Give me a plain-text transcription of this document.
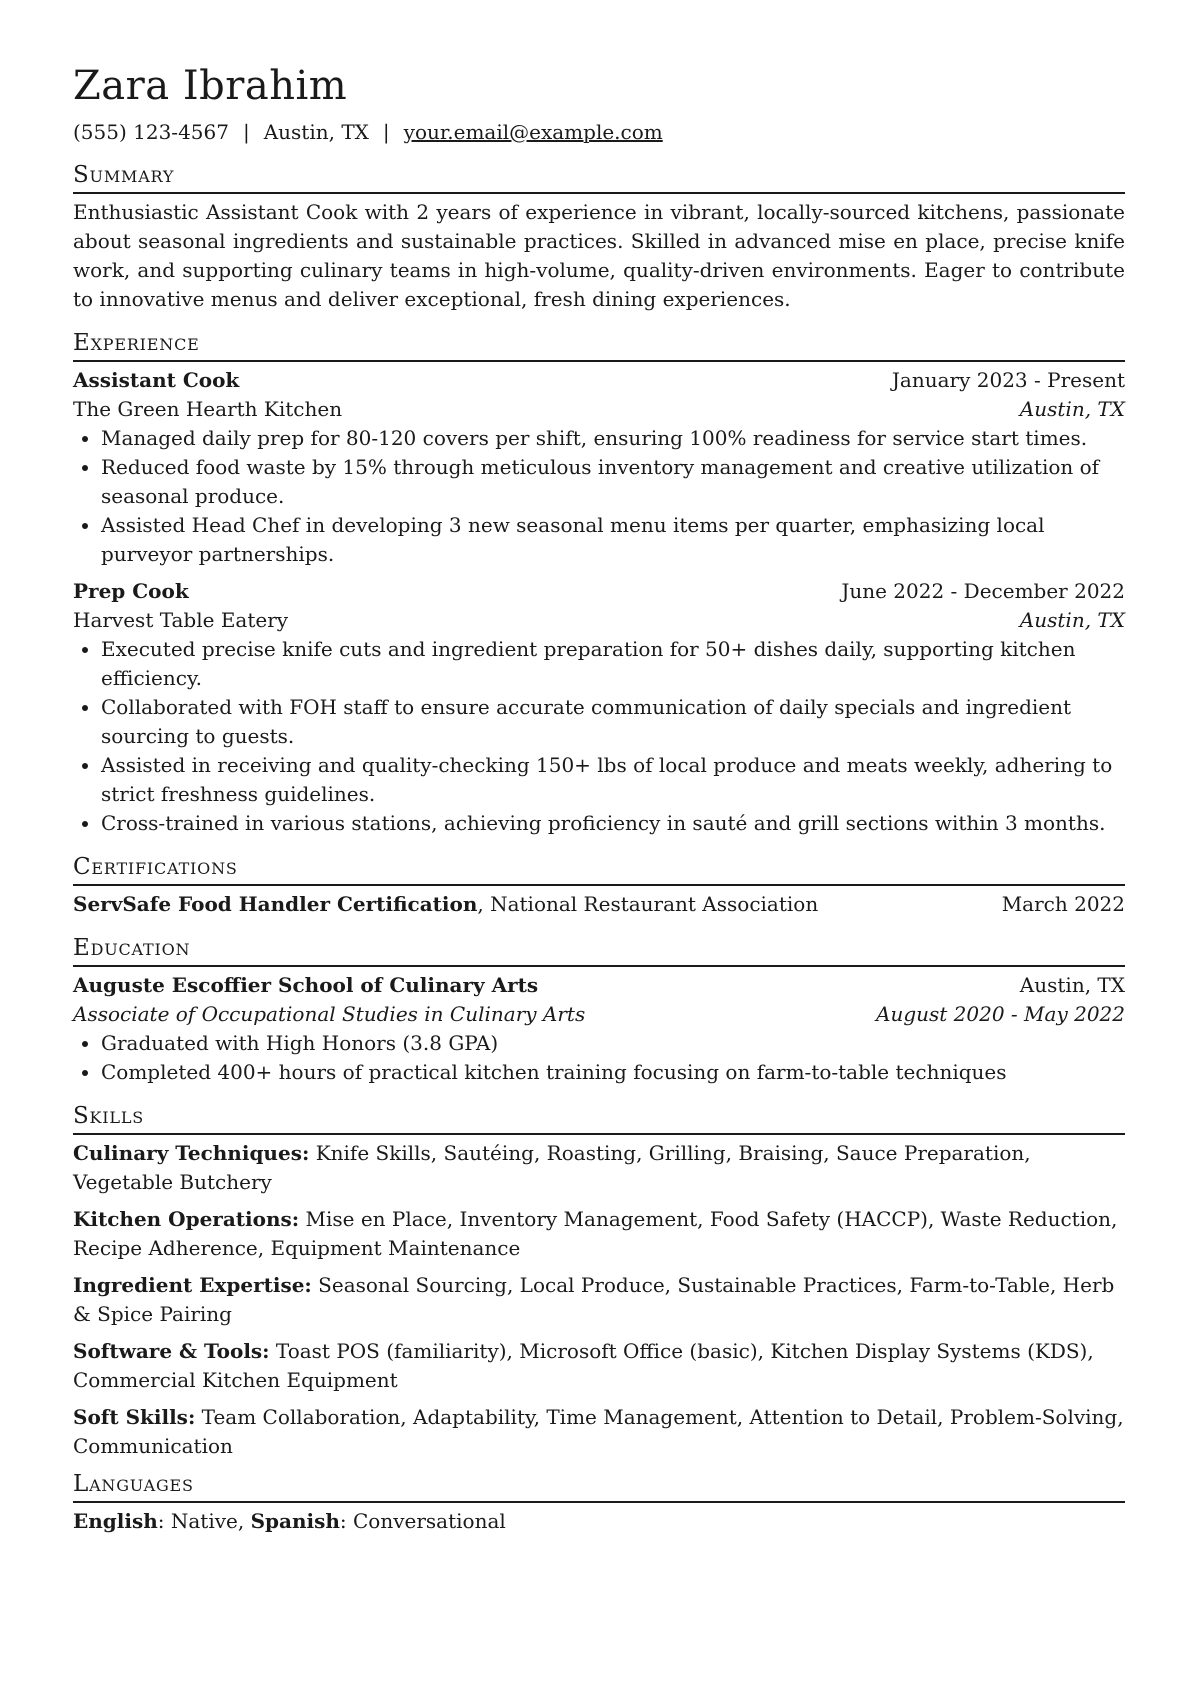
Zara Ibrahim
(555) 123-4567 | Austin, TX | your.email@example.com
Summary

Enthusiastic Assistant Cook with 2 years of experience in vibrant, locally-sourced kitchens, passionate about seasonal ingredients and sustainable practices. Skilled in advanced mise en place, precise knife work, and supporting culinary teams in high-volume, quality-driven environments. Eager to contribute to innovative menus and deliver exceptional, fresh dining experiences.

Experience
Assistant Cook	January 2023 - Present
The Green Hearth Kitchen	Austin, TX
• Managed daily prep for 80-120 covers per shift, ensuring 100% readiness for service start times.
• Reduced food waste by 15% through meticulous inventory management and creative utilization of seasonal produce.
• Assisted Head Chef in developing 3 new seasonal menu items per quarter, emphasizing local purveyor partnerships.
Prep Cook	June 2022 - December 2022
Harvest Table Eatery	Austin, TX
• Executed precise knife cuts and ingredient preparation for 50+ dishes daily, supporting kitchen efficiency.
• Collaborated with FOH staff to ensure accurate communication of daily specials and ingredient sourcing to guests.
• Assisted in receiving and quality-checking 150+ lbs of local produce and meats weekly, adhering to strict freshness guidelines.
• Cross-trained in various stations, achieving proficiency in sauté and grill sections within 3 months.
Certifications
ServSafe Food Handler Certification, National Restaurant Association	March 2022
Education
Auguste Escoffier School of Culinary Arts	Austin, TX
Associate of Occupational Studies in Culinary Arts	August 2020 - May 2022
• Graduated with High Honors (3.8 GPA)
• Completed 400+ hours of practical kitchen training focusing on farm-to-table techniques
Skills

Culinary Techniques: Knife Skills, Sautéing, Roasting, Grilling, Braising, Sauce Preparation, Vegetable Butchery

Kitchen Operations: Mise en Place, Inventory Management, Food Safety (HACCP), Waste Reduction, Recipe Adherence, Equipment Maintenance

Ingredient Expertise: Seasonal Sourcing, Local Produce, Sustainable Practices, Farm-to-Table, Herb & Spice Pairing

Software & Tools: Toast POS (familiarity), Microsoft Office (basic), Kitchen Display Systems (KDS), Commercial Kitchen Equipment

Soft Skills: Team Collaboration, Adaptability, Time Management, Attention to Detail, Problem-Solving, Communication

Languages

English: Native, Spanish: Conversational
